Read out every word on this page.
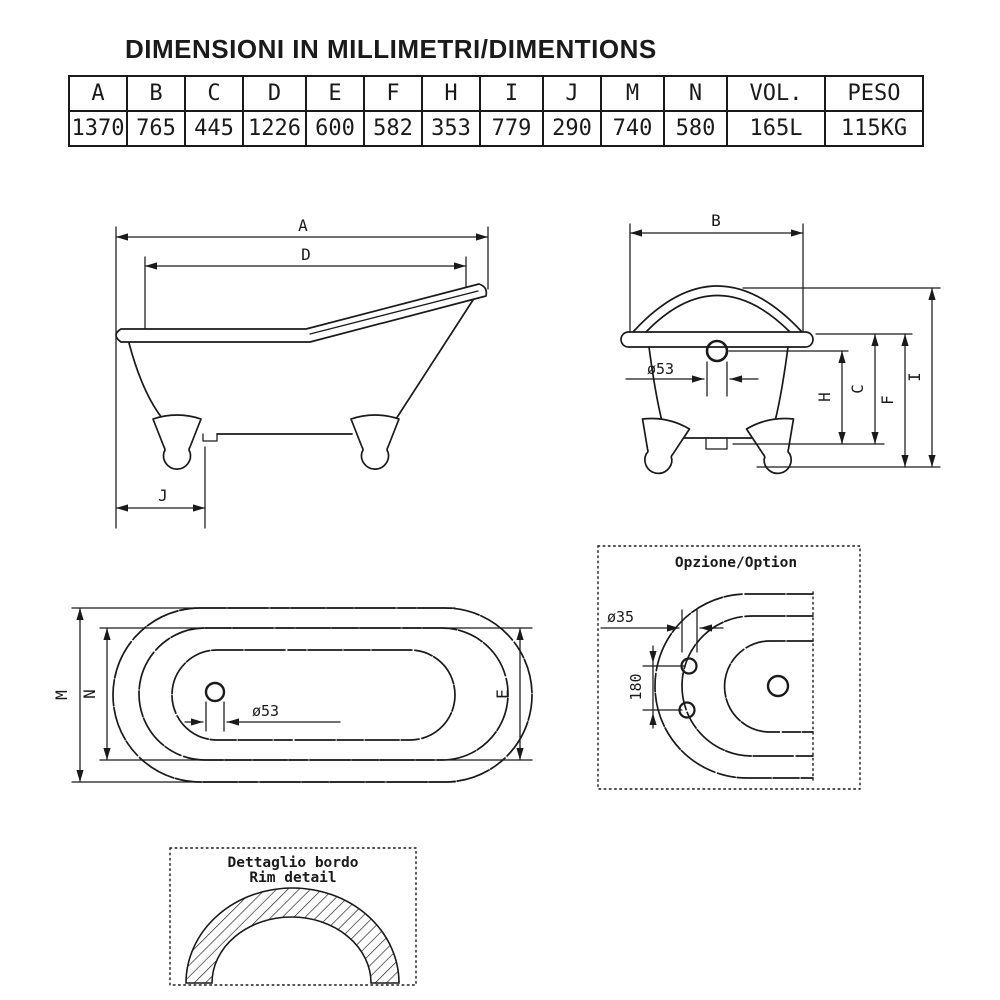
DIMENSIONI IN MILLIMETRI/DIMENTIONS
A	B	C	D	E	F	H	I	J	M	N	VOL.	PESO
1370	765	445	1226	600	582	353	779	290	740	580	165L	115KG
A
D
J
B
ø53
H
C
F
I
M N	E
ø53
Opzione/Option
ø35
180
Dettaglio bordo
Rim detail
